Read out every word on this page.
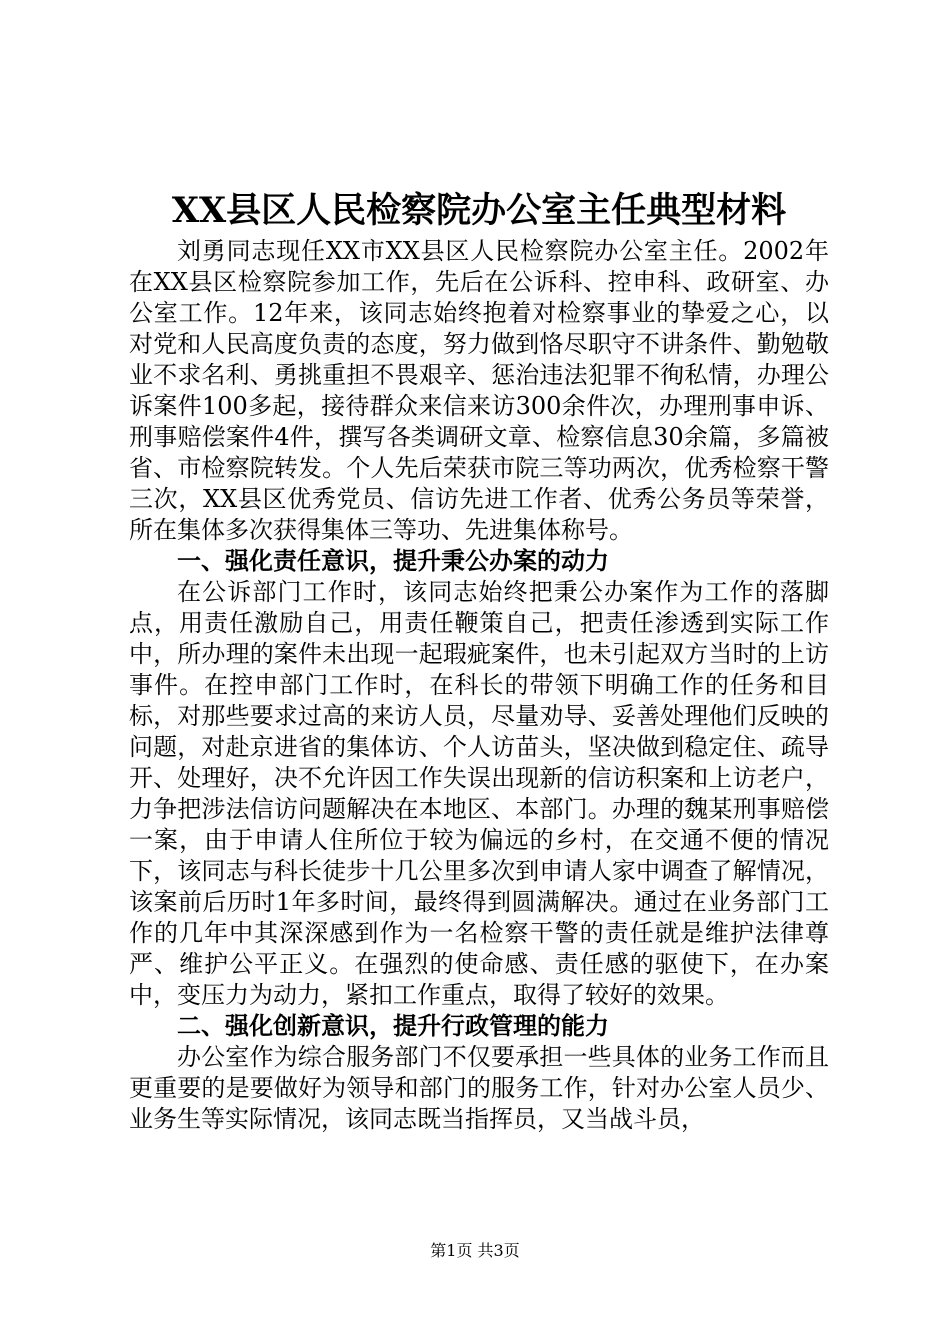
XX县区人民检察院办公室主任典型材料

刘勇同志现任XX市XX县区人民检察院办公室主任。2002年在XX县区检察院参加工作，先后在公诉科、控申科、政研室、办公室工作。12年来，该同志始终抱着对检察事业的挚爱之心，以对党和人民高度负责的态度，努力做到恪尽职守不讲条件、勤勉敬业不求名利、勇挑重担不畏艰辛、惩治违法犯罪不徇私情，办理公诉案件100多起，接待群众来信来访300余件次，办理刑事申诉、刑事赔偿案件4件，撰写各类调研文章、检察信息30余篇，多篇被省、市检察院转发。个人先后荣获市院三等功两次，优秀检察干警三次，XX县区优秀党员、信访先进工作者、优秀公务员等荣誉，所在集体多次获得集体三等功、先进集体称号。

一、强化责任意识，提升秉公办案的动力

在公诉部门工作时，该同志始终把秉公办案作为工作的落脚点，用责任激励自己，用责任鞭策自己，把责任渗透到实际工作中，所办理的案件未出现一起瑕疵案件，也未引起双方当时的上访事件。在控申部门工作时，在科长的带领下明确工作的任务和目标，对那些要求过高的来访人员，尽量劝导、妥善处理他们反映的问题，对赴京进省的集体访、个人访苗头，坚决做到稳定住、疏导开、处理好，决不允许因工作失误出现新的信访积案和上访老户，力争把涉法信访问题解决在本地区、本部门。办理的魏某刑事赔偿一案，由于申请人住所位于较为偏远的乡村，在交通不便的情况下，该同志与科长徒步十几公里多次到申请人家中调查了解情况，该案前后历时1年多时间，最终得到圆满解决。通过在业务部门工作的几年中其深深感到作为一名检察干警的责任就是维护法律尊严、维护公平正义。在强烈的使命感、责任感的驱使下，在办案中，变压力为动力，紧扣工作重点，取得了较好的效果。

二、强化创新意识，提升行政管理的能力

办公室作为综合服务部门不仅要承担一些具体的业务工作而且更重要的是要做好为领导和部门的服务工作，针对办公室人员少、业务生等实际情况，该同志既当指挥员，又当战斗员，

第1页 共3页
